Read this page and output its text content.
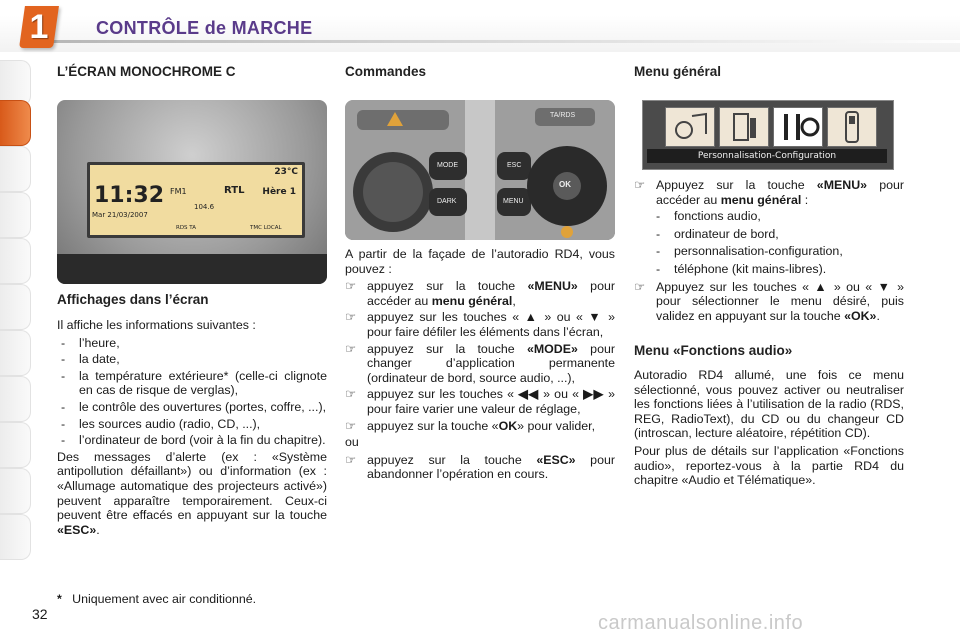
1	CONTRÔLE de MARCHE
L’ÉCRAN MONOCHROME C
23°C
11:32 FM1	RTL Hère 1
104.6
Mar 21/03/2007
RDS TA	TMC LOCAL
Affichages dans l’écran

Il affiche les informations suivantes :

- l’heure,
- la date,
- la température extérieure* (celle-ci clignote en cas de risque de verglas),
- le contrôle des ouvertures (portes, coffre, ...),
- les sources audio (radio, CD, ...),
- l’ordinateur de bord (voir à la fin du chapitre).

Des messages d’alerte (ex : «Système antipollution défaillant») ou d’information (ex : «Allumage automatique des projecteurs activé») peuvent apparaître temporairement. Ceux-ci peuvent être effacés en appuyant sur la touche «ESC».

* Uniquement avec air conditionné.
Commandes
MODE
DARK
ESC
MENU
OK
TA/RDS

A partir de la façade de l’autoradio RD4, vous pouvez :

☞ appuyez sur la touche «MENU» pour accéder au menu général,
☞ appuyez sur les touches « ▲ » ou « ▼ » pour faire défiler les éléments dans l’écran,
☞ appuyez sur la touche «MODE» pour changer d’application permanente (ordinateur de bord, source audio, ...),
☞ appuyez sur les touches « ◀◀ » ou « ▶▶ » pour faire varier une valeur de réglage,
☞ appuyez sur la touche «OK» pour valider,

ou

☞ appuyez sur la touche «ESC» pour abandonner l’opération en cours.
Menu général
Personnalisation-Configuration
☞ Appuyez sur la touche «MENU» pour accéder au menu général :
- fonctions audio,
- ordinateur de bord,
- personnalisation-configuration,
- téléphone (kit mains-libres).
☞ Appuyez sur les touches « ▲ » ou « ▼ » pour sélectionner le menu désiré, puis validez en appuyant sur la touche «OK».
Menu «Fonctions audio»

Autoradio RD4 allumé, une fois ce menu sélectionné, vous pouvez activer ou neutraliser les fonctions liées à l’utilisation de la radio (RDS, REG, RadioText), du CD ou du changeur CD (introscan, lecture aléatoire, répétition CD).

Pour plus de détails sur l’application «Fonctions audio», reportez-vous à la partie RD4 du chapitre «Audio et Télématique».

32	carmanualsonline.info
